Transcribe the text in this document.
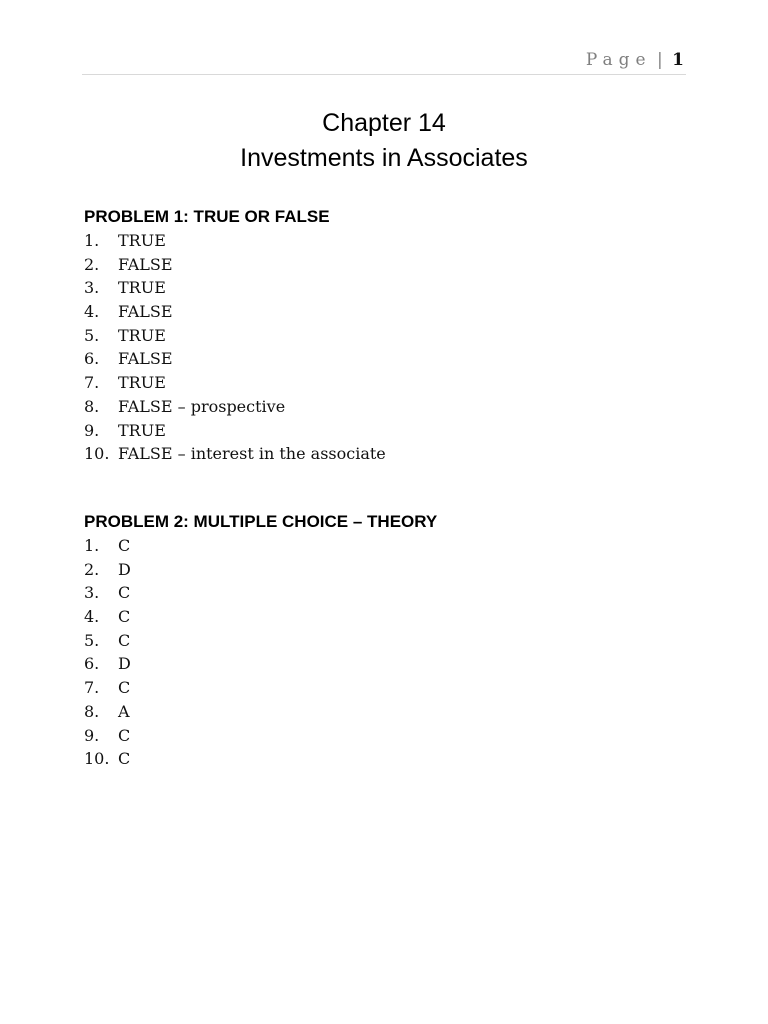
Page | 1
Chapter 14
Investments in Associates
PROBLEM 1: TRUE OR FALSE
1.	TRUE
2.	FALSE
3.	TRUE
4.	FALSE
5.	TRUE
6.	FALSE
7.	TRUE
8.	FALSE – prospective
9.	TRUE
10. FALSE – interest in the associate
PROBLEM 2: MULTIPLE CHOICE – THEORY
1.	C
2.	D
3.	C
4.	C
5.	C
6.	D
7.	C
8.	A
9.	C
10. C
